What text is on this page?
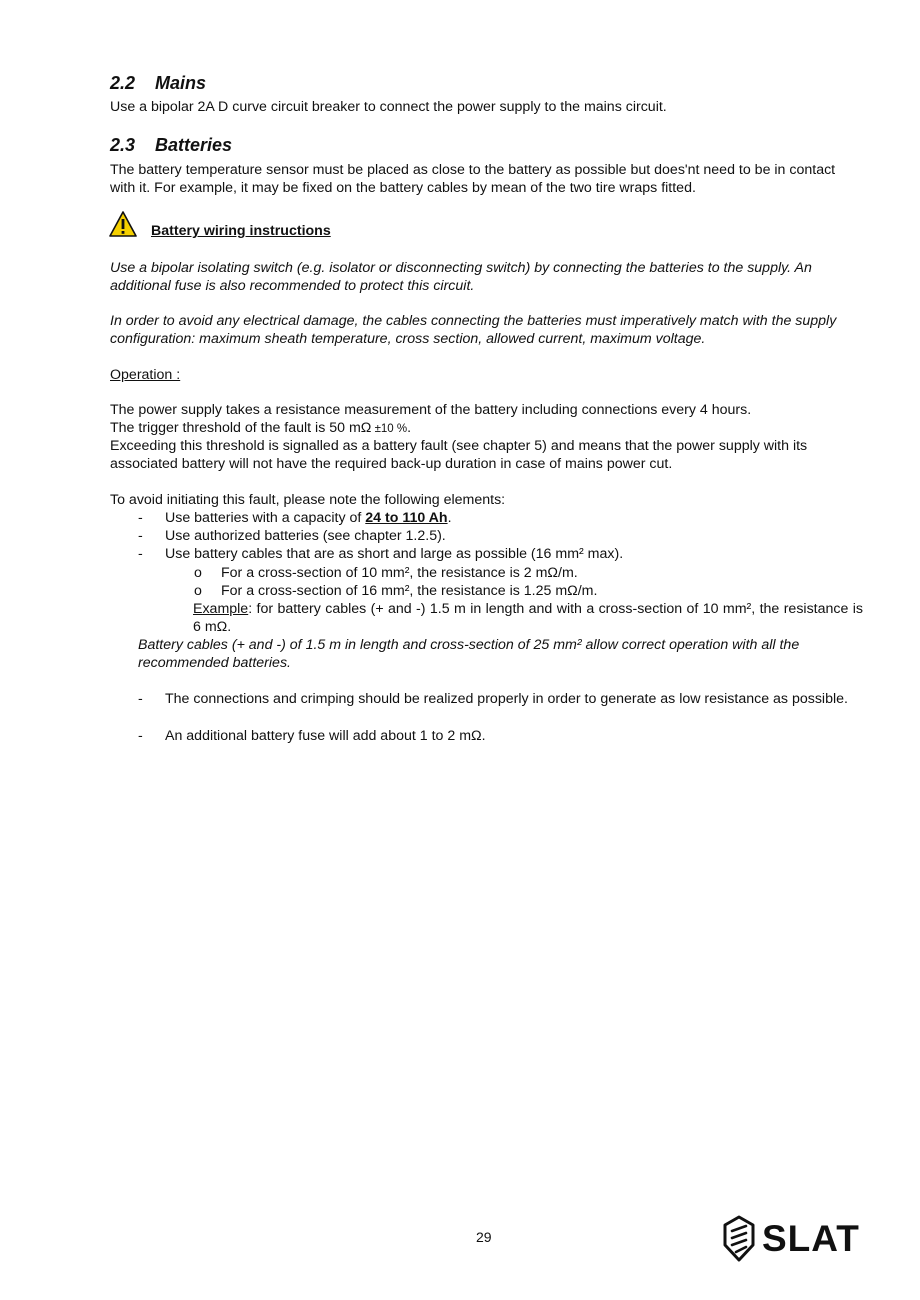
2.2 Mains
Use a bipolar 2A D curve circuit breaker to connect the power supply to the mains circuit.
2.3 Batteries
The battery temperature sensor must be placed as close to the battery as possible but does'nt need to be in contact with it. For example, it may be fixed on the battery cables by mean of the two tire wraps fitted.
Battery wiring instructions
Use a bipolar isolating switch (e.g. isolator or disconnecting switch) by connecting the batteries to the supply. An additional fuse is also recommended to protect this circuit.
In order to avoid any electrical damage, the cables connecting the batteries must imperatively match with the supply configuration: maximum sheath temperature, cross section, allowed current, maximum voltage.
Operation :
The power supply takes a resistance measurement of the battery including connections every 4 hours.
The trigger threshold of the fault is 50 mΩ ±10 %.
Exceeding this threshold is signalled as a battery fault (see chapter 5) and means that the power supply with its associated battery will not have the required back-up duration in case of mains power cut.
To avoid initiating this fault, please note the following elements:
- Use batteries with a capacity of 24 to 110 Ah.
- Use authorized batteries (see chapter 1.2.5).
- Use battery cables that are as short and large as possible (16 mm² max).
o For a cross-section of 10 mm², the resistance is 2 mΩ/m.
o For a cross-section of 16 mm², the resistance is 1.25 mΩ/m.
Example: for battery cables (+ and -) 1.5 m in length and with a cross-section of 10 mm², the resistance is 6 mΩ.
Battery cables (+ and -) of 1.5 m in length and cross-section of 25 mm² allow correct operation with all the recommended batteries.
- The connections and crimping should be realized properly in order to generate as low resistance as possible.
- An additional battery fuse will add about 1 to 2 mΩ.
29	SLAT
